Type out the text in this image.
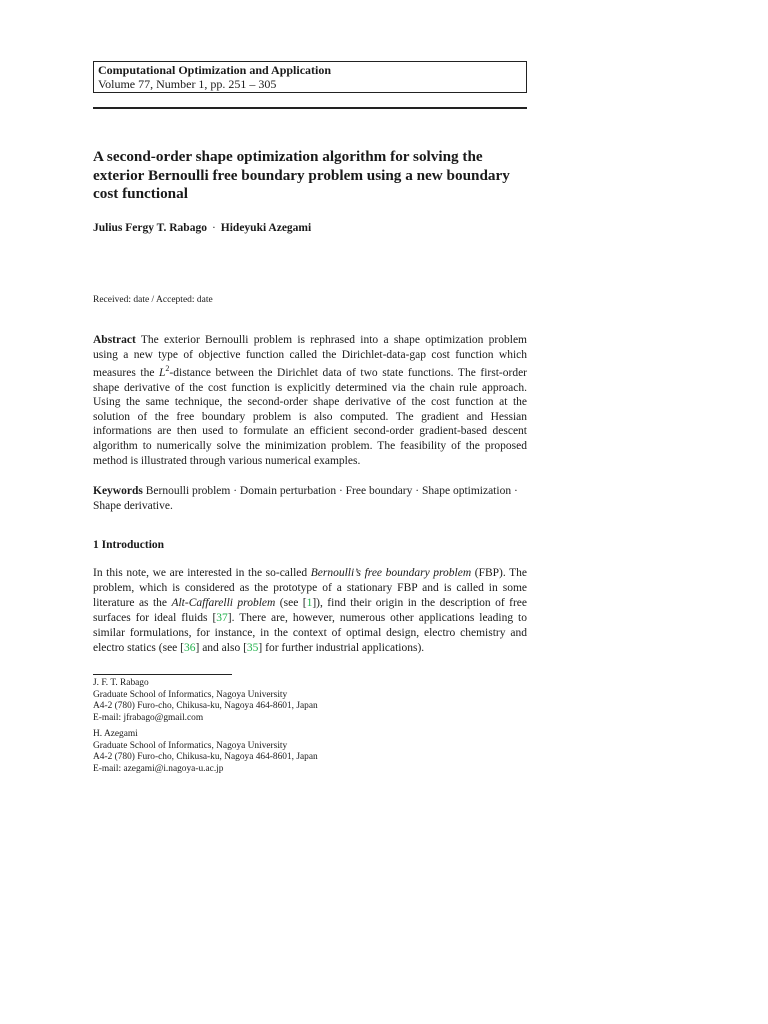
Computational Optimization and Application
Volume 77, Number 1, pp. 251 – 305
A second-order shape optimization algorithm for solving the exterior Bernoulli free boundary problem using a new boundary cost functional
Julius Fergy T. Rabago · Hideyuki Azegami
Received: date / Accepted: date
Abstract The exterior Bernoulli problem is rephrased into a shape optimization problem using a new type of objective function called the Dirichlet-data-gap cost function which measures the $L^2$-distance between the Dirichlet data of two state functions. The first-order shape derivative of the cost function is explicitly determined via the chain rule approach. Using the same technique, the second-order shape derivative of the cost function at the solution of the free boundary problem is also computed. The gradient and Hessian informations are then used to formulate an efficient second-order gradient-based descent algorithm to numerically solve the minimization problem. The feasibility of the proposed method is illustrated through various numerical examples.
Keywords Bernoulli problem · Domain perturbation · Free boundary · Shape optimization · Shape derivative.
1 Introduction
In this note, we are interested in the so-called Bernoulli’s free boundary problem (FBP). The problem, which is considered as the prototype of a stationary FBP and is called in some literature as the Alt-Caffarelli problem (see [1]), find their origin in the description of free surfaces for ideal fluids [37]. There are, however, numerous other applications leading to similar formulations, for instance, in the context of optimal design, electro chemistry and electro statics (see [36] and also [35] for further industrial applications).
J. F. T. Rabago
Graduate School of Informatics, Nagoya University
A4-2 (780) Furo-cho, Chikusa-ku, Nagoya 464-8601, Japan
E-mail: jfrabago@gmail.com
H. Azegami
Graduate School of Informatics, Nagoya University
A4-2 (780) Furo-cho, Chikusa-ku, Nagoya 464-8601, Japan
E-mail: azegami@i.nagoya-u.ac.jp
